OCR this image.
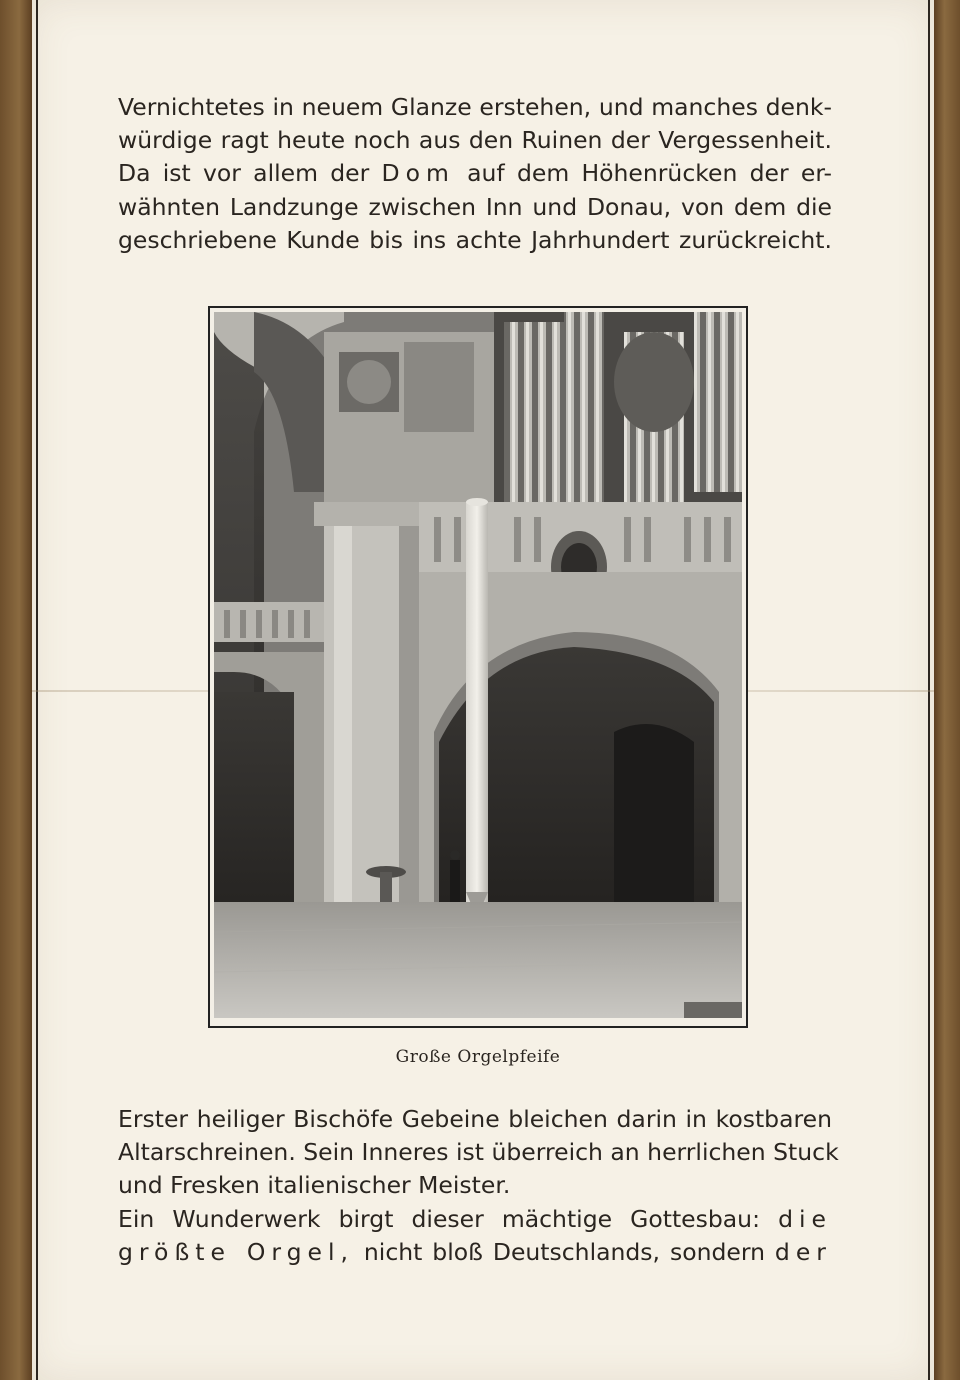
Vernichtetes in neuem Glanze erstehen, und manches denk-
würdige ragt heute noch aus den Ruinen der Vergessenheit.
Da ist vor allem der Dom auf dem Höhenrücken der er-
wähnten Landzunge zwischen Inn und Donau, von dem die
geschriebene Kunde bis ins achte Jahrhundert zurückreicht.
Große Orgelpfeife
Erster heiliger Bischöfe Gebeine bleichen darin in kostbaren
Altarschreinen. Sein Inneres ist überreich an herrlichen Stuck
und Fresken italienischer Meister.
Ein Wunderwerk birgt dieser mächtige Gottesbau: die
größte Orgel, nicht bloß Deutschlands, sondern der
